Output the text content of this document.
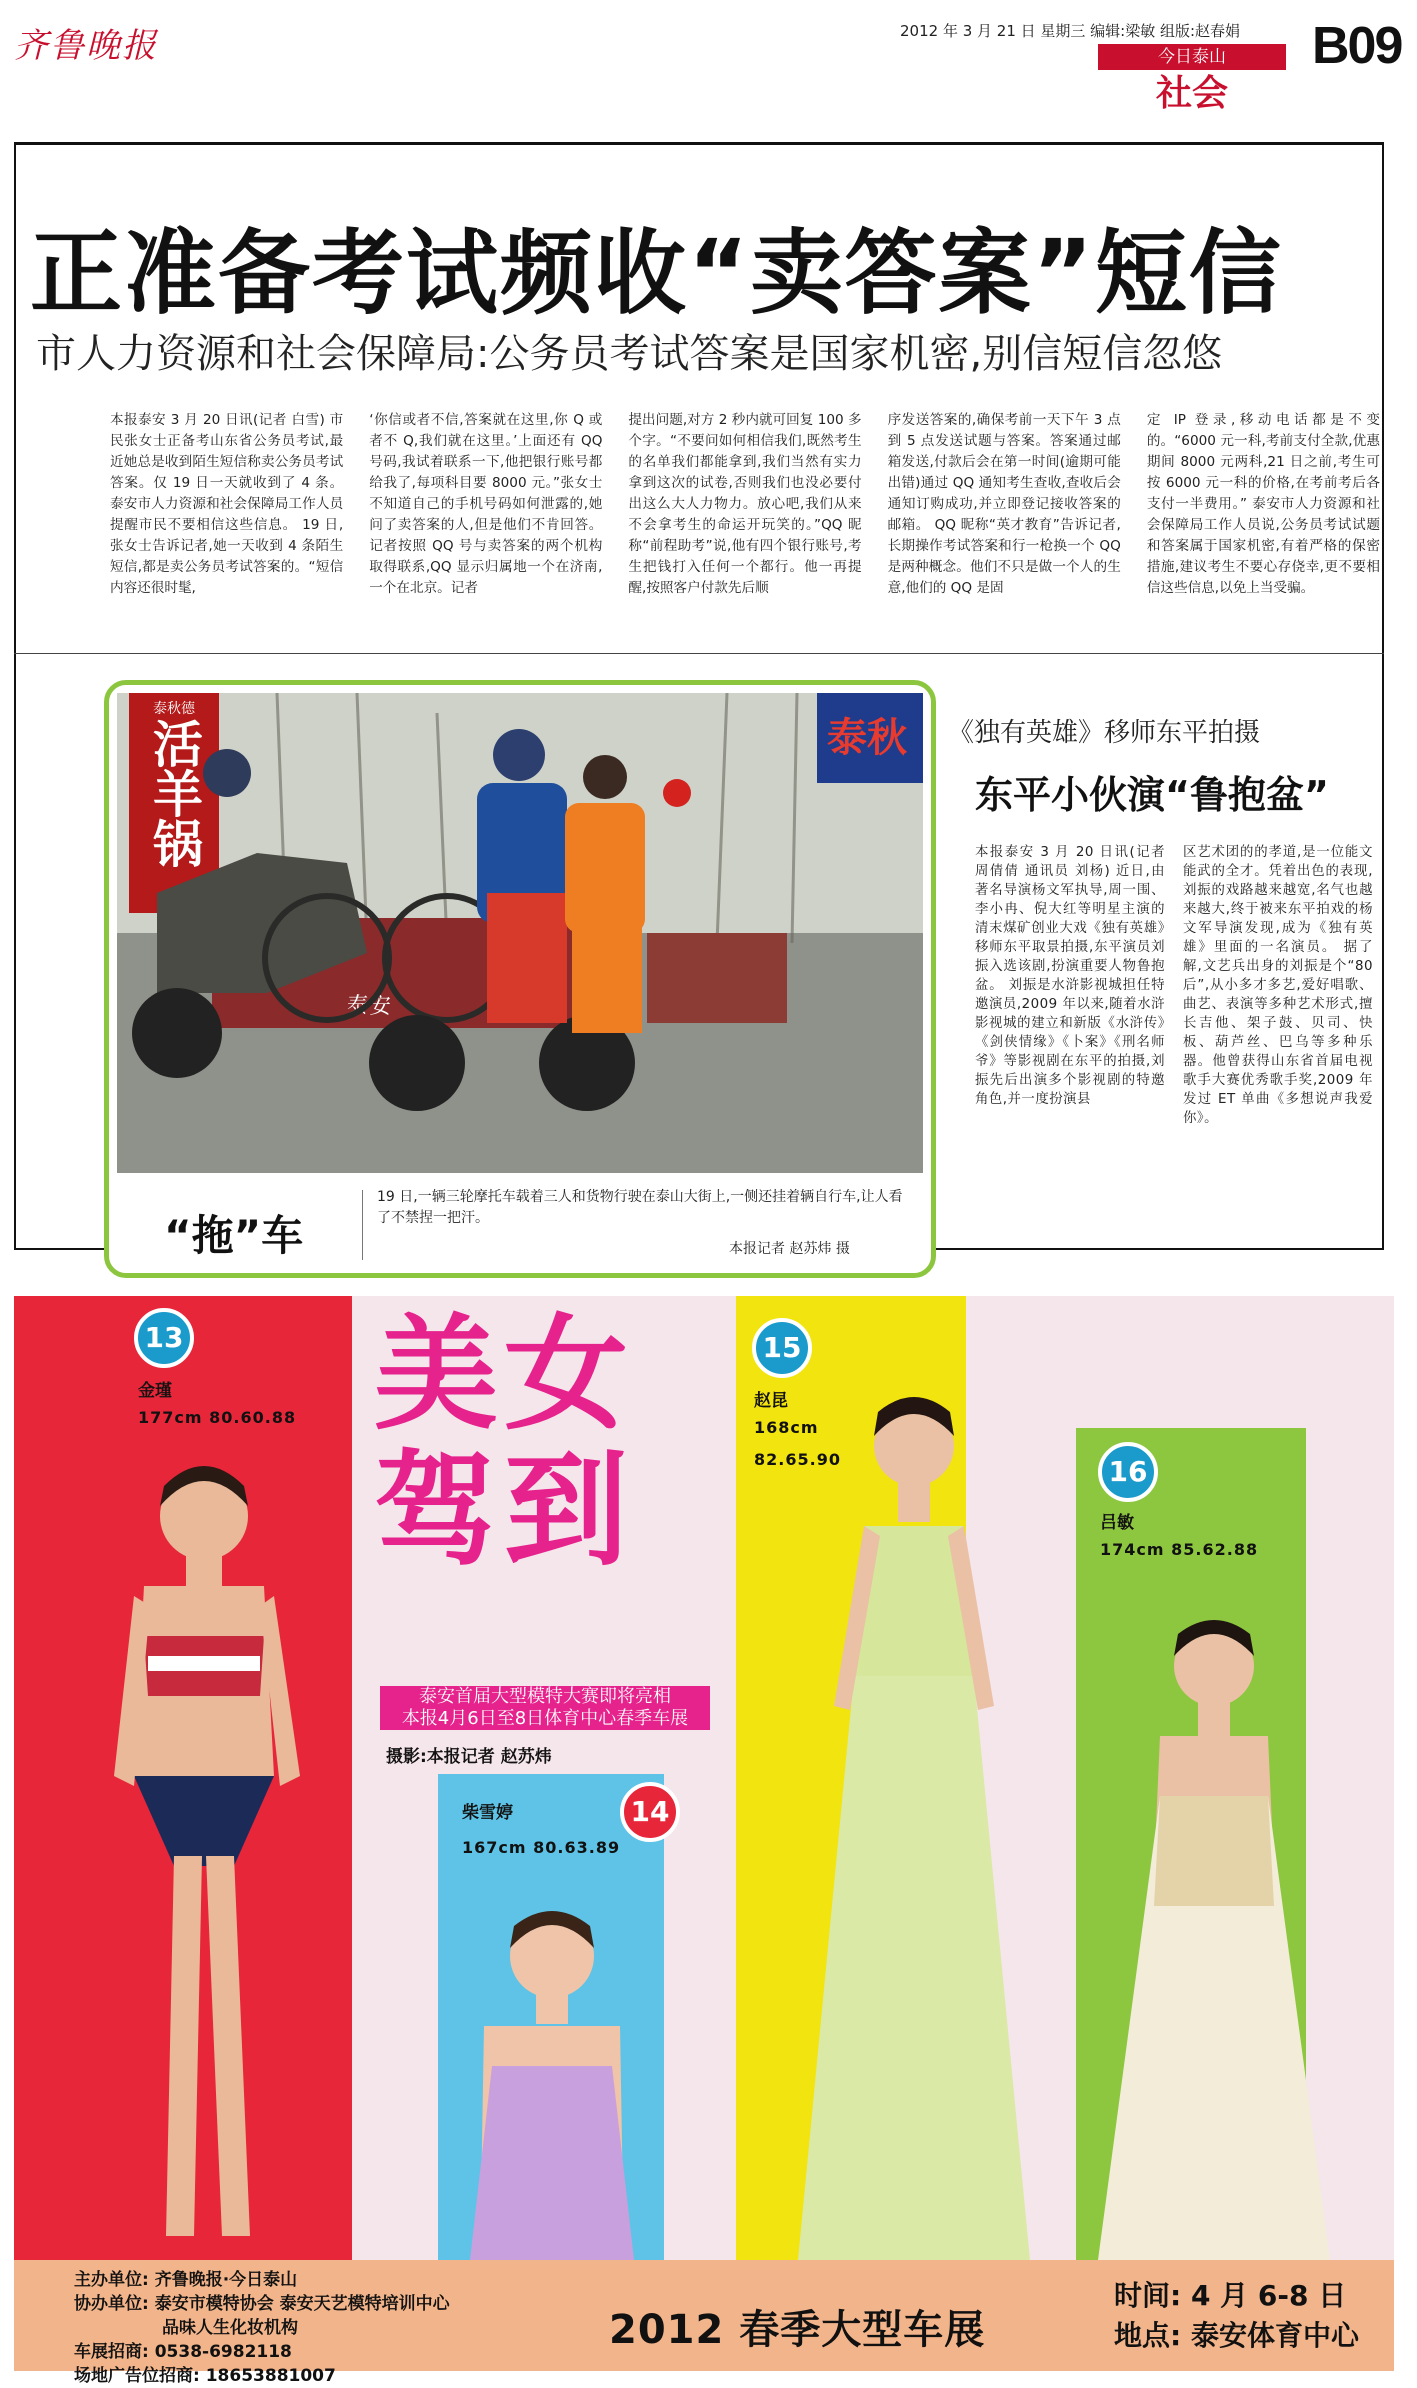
齐鲁晚报	2012 年 3 月 21 日 星期三 编辑:梁敏 组版:赵春娟
今日泰山
社会
B09
正准备考试频收“卖答案”短信
市人力资源和社会保障局:公务员考试答案是国家机密,别信短信忽悠
本报泰安 3 月 20 日讯(记者 白雪) 市民张女士正备考山东省公务员考试,最近她总是收到陌生短信称卖公务员考试答案。仅 19 日一天就收到了 4 条。泰安市人力资源和社会保障局工作人员提醒市民不要相信这些信息。 19 日,张女士告诉记者,她一天收到 4 条陌生短信,都是卖公务员考试答案的。“短信内容还很时髦,
‘你信或者不信,答案就在这里,你 Q 或者不 Q,我们就在这里。’上面还有 QQ 号码,我试着联系一下,他把银行账号都给我了,每项科目要 8000 元。”张女士不知道自己的手机号码如何泄露的,她问了卖答案的人,但是他们不肯回答。 记者按照 QQ 号与卖答案的两个机构取得联系,QQ 显示归属地一个在济南,一个在北京。记者
提出问题,对方 2 秒内就可回复 100 多个字。“不要问如何相信我们,既然考生的名单我们都能拿到,我们当然有实力拿到这次的试卷,否则我们也没必要付出这么大人力物力。放心吧,我们从来不会拿考生的命运开玩笑的。”QQ 昵称“前程助考”说,他有四个银行账号,考生把钱打入任何一个都行。他一再提醒,按照客户付款先后顺
序发送答案的,确保考前一天下午 3 点到 5 点发送试题与答案。答案通过邮箱发送,付款后会在第一时间(逾期可能出错)通过 QQ 通知考生查收,查收后会通知订购成功,并立即登记接收答案的邮箱。 QQ 昵称“英才教育”告诉记者,长期操作考试答案和行一枪换一个 QQ 是两种概念。他们不只是做一个人的生意,他们的 QQ 是固
定 IP 登录,移动电话都是不变的。“6000 元一科,考前支付全款,优惠期间 8000 元两科,21 日之前,考生可按 6000 元一科的价格,在考前考后各支付一半费用。” 泰安市人力资源和社会保障局工作人员说,公务员考试试题和答案属于国家机密,有着严格的保密措施,建议考生不要心存侥幸,更不要相信这些信息,以免上当受骗。
泰秋德
活羊锅	泰秋
泰安
“拖”车
19 日,一辆三轮摩托车载着三人和货物行驶在泰山大街上,一侧还挂着辆自行车,让人看了不禁捏一把汗。
本报记者 赵苏炜 摄
《独有英雄》移师东平拍摄
东平小伙演“鲁抱盆”
本报泰安 3 月 20 日讯(记者 周倩倩 通讯员 刘杨) 近日,由著名导演杨文军执导,周一围、李小冉、倪大红等明星主演的清末煤矿创业大戏《独有英雄》移师东平取景拍摄,东平演员刘振入选该剧,扮演重要人物鲁抱盆。 刘振是水浒影视城担任特邀演员,2009 年以来,随着水浒影视城的建立和新版《水浒传》《剑侠情缘》《卜案》《刑名师爷》等影视剧在东平的拍摄,刘振先后出演多个影视剧的特邀角色,并一度扮演县
区艺术团的的孝道,是一位能文能武的全才。凭着出色的表现,刘振的戏路越来越宽,名气也越来越大,终于被来东平拍戏的杨文军导演发现,成为《独有英雄》里面的一名演员。 据了解,文艺兵出身的刘振是个“80 后”,从小多才多艺,爱好唱歌、曲艺、表演等多种艺术形式,擅长吉他、架子鼓、贝司、快板、葫芦丝、巴乌等多种乐器。他曾获得山东省首届电视歌手大赛优秀歌手奖,2009 年发过 ET 单曲《多想说声我爱你》。
13
金瑾
177cm 80.60.88 美女
驾到
泰安首届大型模特大赛即将亮相
本报4月6日至8日体育中心春季车展
摄影:本报记者 赵苏炜
柴雪婷
167cm 80.63.89
14
15
赵昆
168cm
82.65.90	16
吕敏
174cm 85.62.88
主办单位: 齐鲁晚报·今日泰山
协办单位: 泰安市模特协会 泰安天艺模特培训中心
品味人生化妆机构
车展招商: 0538-6982118
场地广告位招商: 18653881007
2012 春季大型车展
时间: 4 月 6-8 日
地点: 泰安体育中心
